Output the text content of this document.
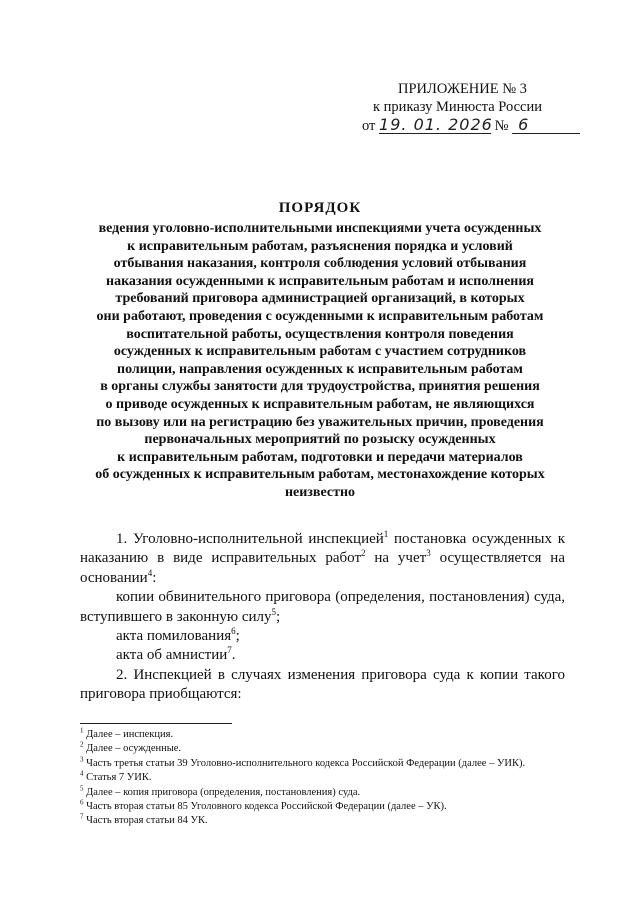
ПРИЛОЖЕНИЕ № 3
к приказу Минюста России
от 19. 01. 2026 № 6
ПОРЯДОК
ведения уголовно-исполнительными инспекциями учета осужденных
к исправительным работам, разъяснения порядка и условий
отбывания наказания, контроля соблюдения условий отбывания
наказания осужденными к исправительным работам и исполнения
требований приговора администрацией организаций, в которых
они работают, проведения с осужденными к исправительным работам
воспитательной работы, осуществления контроля поведения
осужденных к исправительным работам с участием сотрудников
полиции, направления осужденных к исправительным работам
в органы службы занятости для трудоустройства, принятия решения
о приводе осужденных к исправительным работам, не являющихся
по вызову или на регистрацию без уважительных причин, проведения
первоначальных мероприятий по розыску осужденных
к исправительным работам, подготовки и передачи материалов
об осужденных к исправительным работам, местонахождение которых
неизвестно

1. Уголовно-исполнительной инспекцией$^1$ постановка осужденных к наказанию в виде исправительных работ$^2$ на учет$^3$ осуществляется на основании$^4$:

копии обвинительного приговора (определения, постановления) суда, вступившего в законную силу$^5$;

акта помилования$^6$;

акта об амнистии$^7$.

2. Инспекцией в случаях изменения приговора суда к копии такого приговора приобщаются:

$^1$ Далее – инспекция.
$^2$ Далее – осужденные.
$^3$ Часть третья статьи 39 Уголовно-исполнительного кодекса Российской Федерации (далее – УИК).
$^4$ Статья 7 УИК.
$^5$ Далее – копия приговора (определения, постановления) суда.
$^6$ Часть вторая статьи 85 Уголовного кодекса Российской Федерации (далее – УК).
$^7$ Часть вторая статьи 84 УК.
